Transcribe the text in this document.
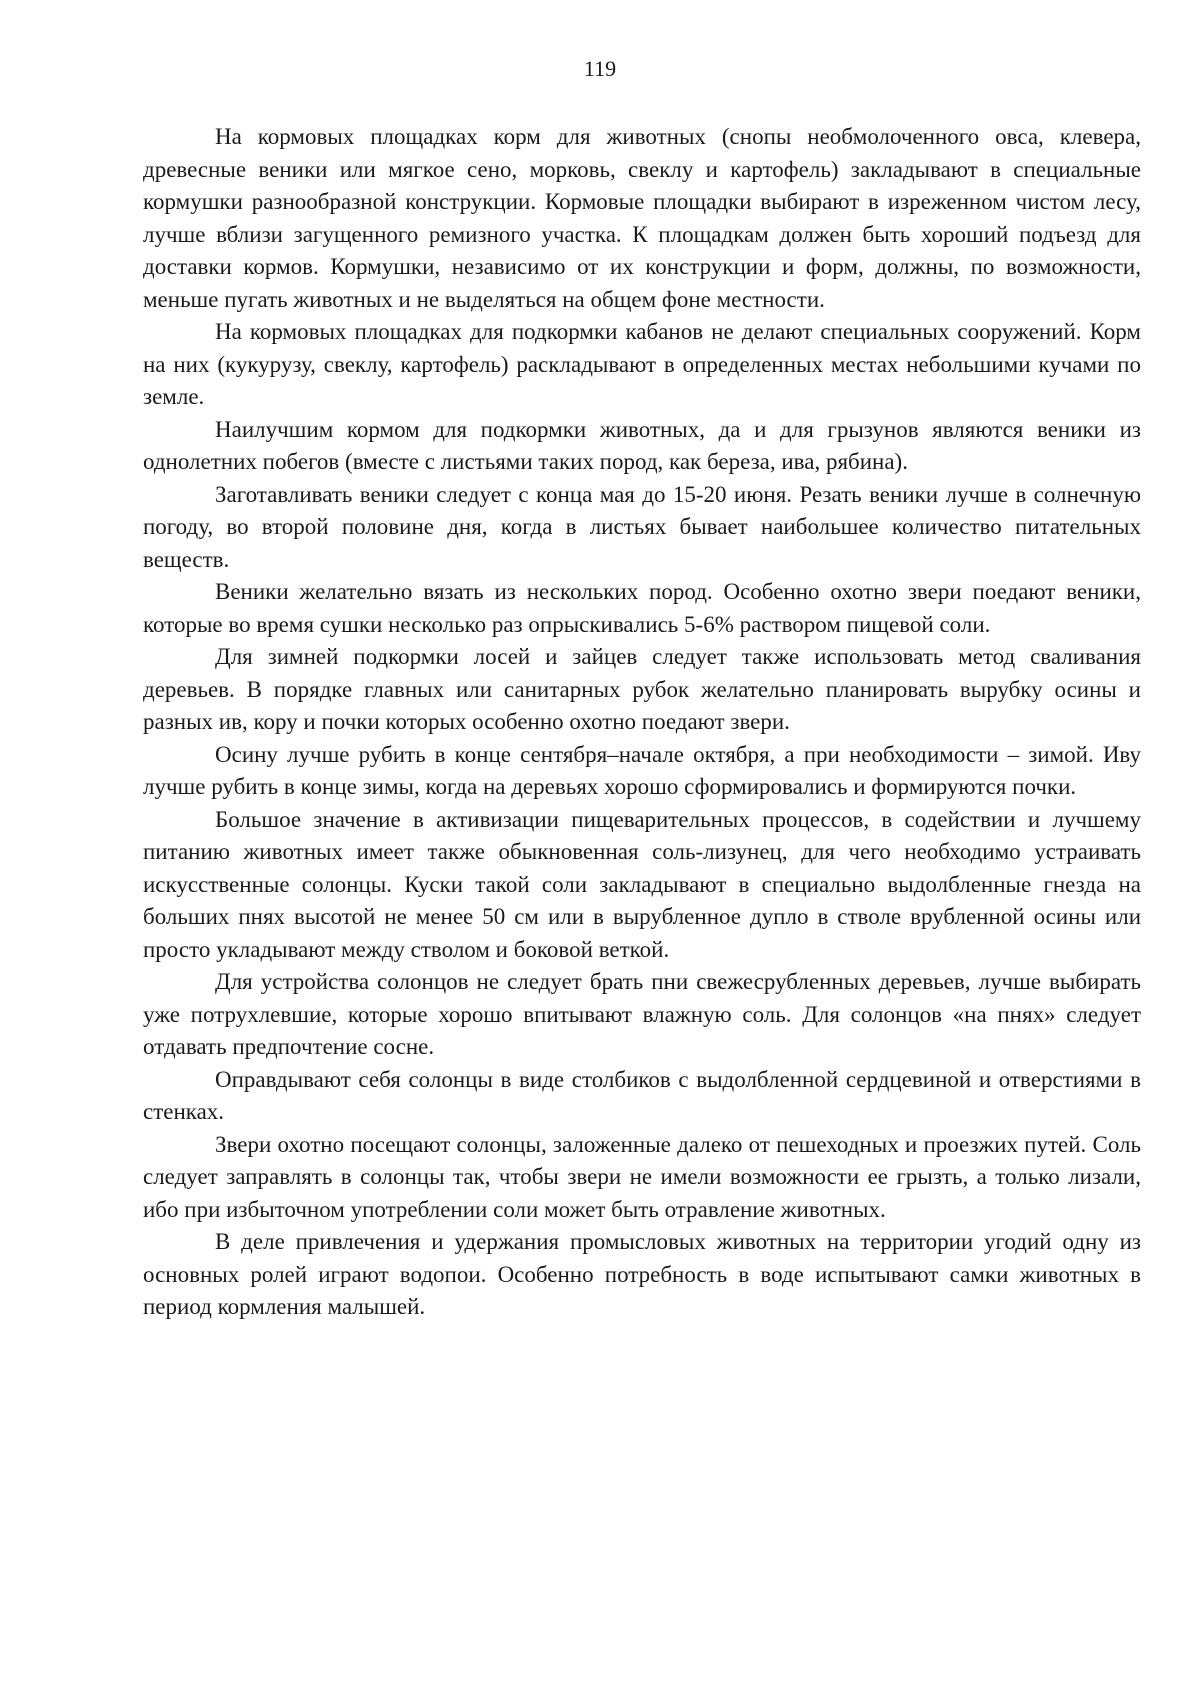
119

На кормовых площадках корм для животных (снопы необмолоченного овса, клевера, древесные веники или мягкое сено, морковь, свеклу и картофель) закладывают в специальные кормушки разнообразной конструкции. Кормовые площадки выбирают в изреженном чистом лесу, лучше вблизи загущенного ремизного участка. К площадкам должен быть хороший подъезд для доставки кормов. Кормушки, независимо от их конструкции и форм, должны, по возможности, меньше пугать животных и не выделяться на общем фоне местности.

На кормовых площадках для подкормки кабанов не делают специальных сооружений. Корм на них (кукурузу, свеклу, картофель) раскладывают в определенных местах небольшими кучами по земле.

Наилучшим кормом для подкормки животных, да и для грызунов являются веники из однолетних побегов (вместе с листьями таких пород, как береза, ива, рябина).

Заготавливать веники следует с конца мая до 15-20 июня. Резать веники лучше в солнечную погоду, во второй половине дня, когда в листьях бывает наибольшее количество питательных веществ.

Веники желательно вязать из нескольких пород. Особенно охотно звери поедают веники, которые во время сушки несколько раз опрыскивались 5-6% раствором пищевой соли.

Для зимней подкормки лосей и зайцев следует также использовать метод сваливания деревьев. В порядке главных или санитарных рубок желательно планировать вырубку осины и разных ив, кору и почки которых особенно охотно поедают звери.

Осину лучше рубить в конце сентября–начале октября, а при необходимости – зимой. Иву лучше рубить в конце зимы, когда на деревьях хорошо сформировались и формируются почки.

Большое значение в активизации пищеварительных процессов, в содействии и лучшему питанию животных имеет также обыкновенная соль-лизунец, для чего необходимо устраивать искусственные солонцы. Куски такой соли закладывают в специально выдолбленные гнезда на больших пнях высотой не менее 50 см или в вырубленное дупло в стволе врубленной осины или просто укладывают между стволом и боковой веткой.

Для устройства солонцов не следует брать пни свежесрубленных деревьев, лучше выбирать уже потрухлевшие, которые хорошо впитывают влажную соль. Для солонцов «на пнях» следует отдавать предпочтение сосне.

Оправдывают себя солонцы в виде столбиков с выдолбленной сердцевиной и отверстиями в стенках.

Звери охотно посещают солонцы, заложенные далеко от пешеходных и проезжих путей. Соль следует заправлять в солонцы так, чтобы звери не имели возможности ее грызть, а только лизали, ибо при избыточном употреблении соли может быть отравление животных.

В деле привлечения и удержания промысловых животных на территории угодий одну из основных ролей играют водопои. Особенно потребность в воде испытывают самки животных в период кормления малышей.
